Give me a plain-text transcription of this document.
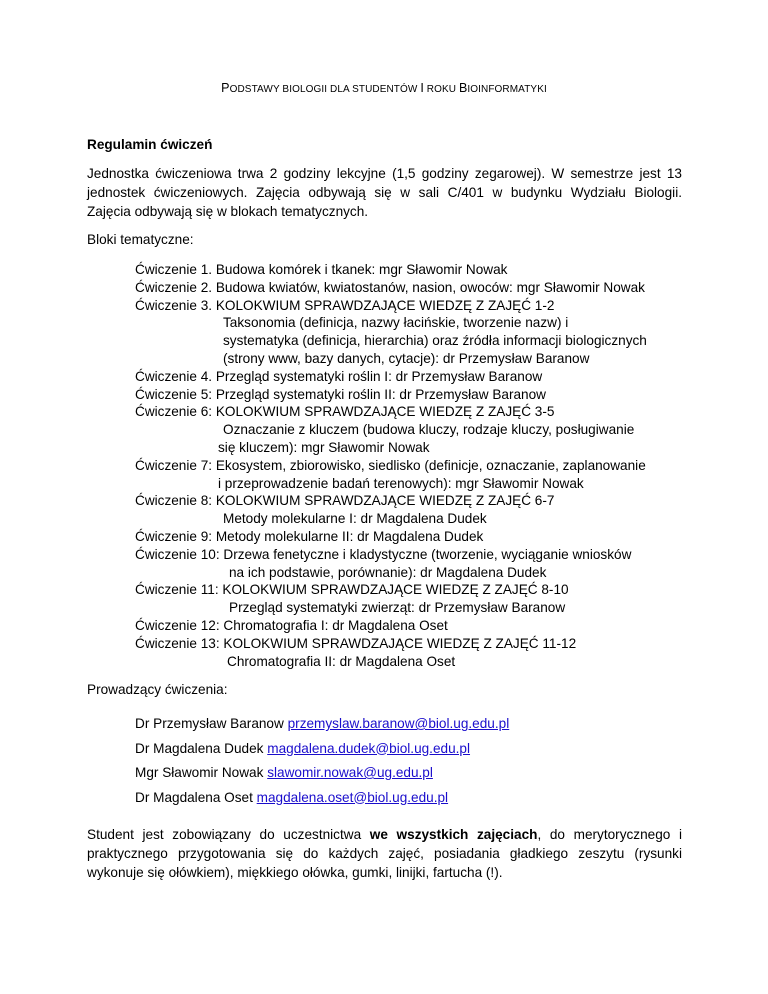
PODSTAWY BIOLOGII DLA STUDENTÓW I ROKU BIOINFORMATYKI
Regulamin ćwiczeń
Jednostka ćwiczeniowa trwa 2 godziny lekcyjne (1,5 godziny zegarowej). W semestrze jest 13
jednostek ćwiczeniowych. Zajęcia odbywają się w sali C/401 w budynku Wydziału Biologii.
Zajęcia odbywają się w blokach tematycznych.
Bloki tematyczne:
Ćwiczenie 1. Budowa komórek i tkanek: mgr Sławomir Nowak
Ćwiczenie 2. Budowa kwiatów, kwiatostanów, nasion, owoców: mgr Sławomir Nowak
Ćwiczenie 3. KOLOKWIUM SPRAWDZAJĄCE WIEDZĘ Z ZAJĘĆ 1-2
Taksonomia (definicja, nazwy łacińskie, tworzenie nazw) i
systematyka (definicja, hierarchia) oraz źródła informacji biologicznych
(strony www, bazy danych, cytacje): dr Przemysław Baranow
Ćwiczenie 4. Przegląd systematyki roślin I: dr Przemysław Baranow
Ćwiczenie 5: Przegląd systematyki roślin II: dr Przemysław Baranow
Ćwiczenie 6: KOLOKWIUM SPRAWDZAJĄCE WIEDZĘ Z ZAJĘĆ 3-5
Oznaczanie z kluczem (budowa kluczy, rodzaje kluczy, posługiwanie
się kluczem): mgr Sławomir Nowak
Ćwiczenie 7: Ekosystem, zbiorowisko, siedlisko (definicje, oznaczanie, zaplanowanie
i przeprowadzenie badań terenowych): mgr Sławomir Nowak
Ćwiczenie 8: KOLOKWIUM SPRAWDZAJĄCE WIEDZĘ Z ZAJĘĆ 6-7
Metody molekularne I: dr Magdalena Dudek
Ćwiczenie 9: Metody molekularne II: dr Magdalena Dudek
Ćwiczenie 10: Drzewa fenetyczne i kladystyczne (tworzenie, wyciąganie wniosków
na ich podstawie, porównanie): dr Magdalena Dudek
Ćwiczenie 11: KOLOKWIUM SPRAWDZAJĄCE WIEDZĘ Z ZAJĘĆ 8-10
Przegląd systematyki zwierząt: dr Przemysław Baranow
Ćwiczenie 12: Chromatografia I: dr Magdalena Oset
Ćwiczenie 13: KOLOKWIUM SPRAWDZAJĄCE WIEDZĘ Z ZAJĘĆ 11-12
Chromatografia II: dr Magdalena Oset
Prowadzący ćwiczenia:
Dr Przemysław Baranow przemyslaw.baranow@biol.ug.edu.pl
Dr Magdalena Dudek magdalena.dudek@biol.ug.edu.pl
Mgr Sławomir Nowak slawomir.nowak@ug.edu.pl
Dr Magdalena Oset magdalena.oset@biol.ug.edu.pl
Student jest zobowiązany do uczestnictwa we wszystkich zajęciach, do merytorycznego i
praktycznego przygotowania się do każdych zajęć, posiadania gładkiego zeszytu (rysunki
wykonuje się ołówkiem), miękkiego ołówka, gumki, linijki, fartucha (!).
